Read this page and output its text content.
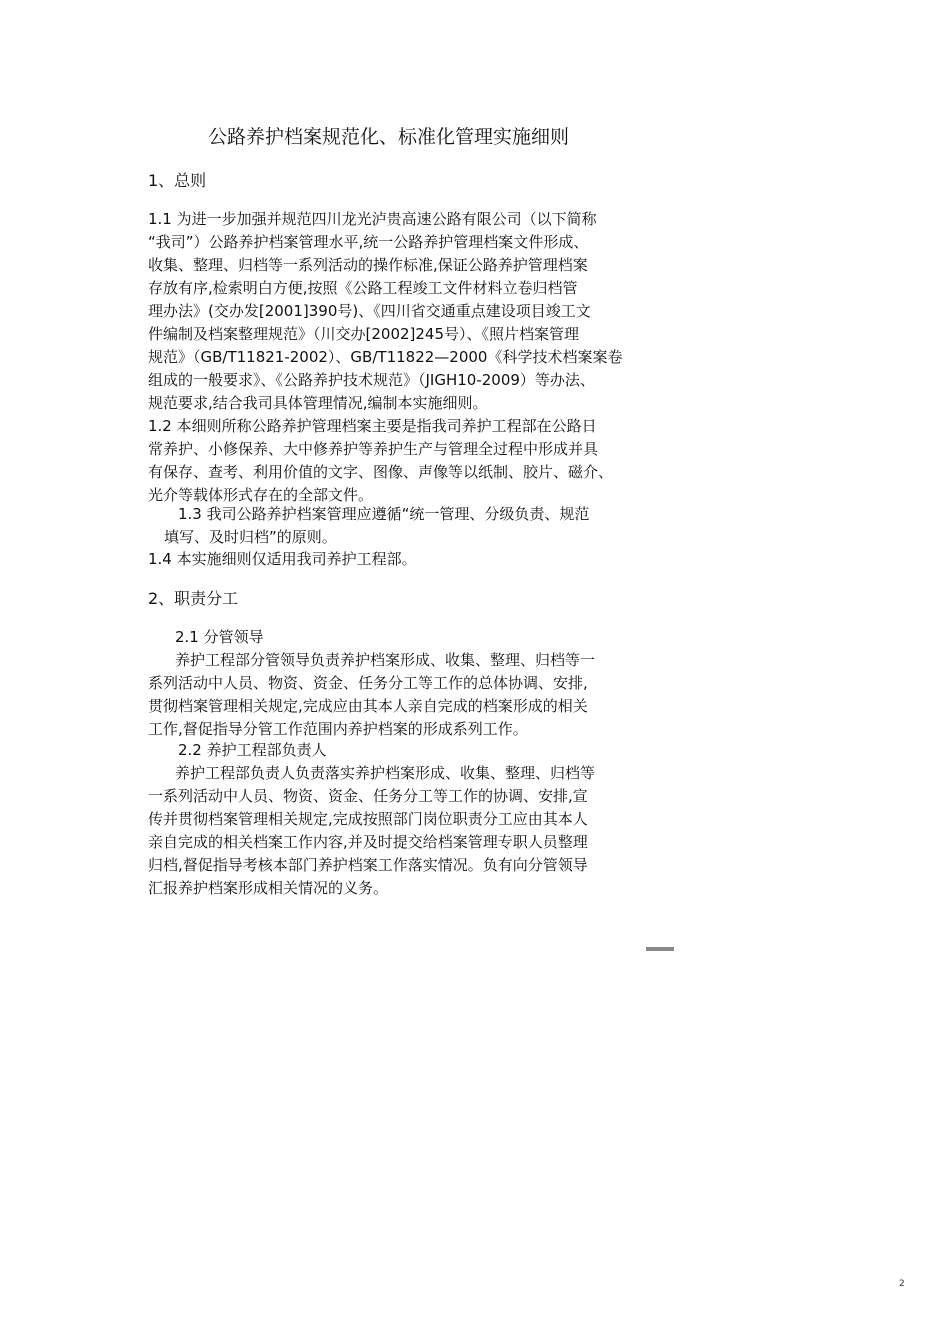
公路养护档案规范化、标准化管理实施细则
1、总则
1.1 为进一步加强并规范四川龙光泸贵高速公路有限公司（以下简称
“我司”）公路养护档案管理水平,统一公路养护管理档案文件形成、
收集、整理、归档等一系列活动的操作标准,保证公路养护管理档案
存放有序,检索明白方便,按照《公路工程竣工文件材料立卷归档管
理办法》(交办发[2001]390号)、《四川省交通重点建设项目竣工文
件编制及档案整理规范》（川交办[2002]245号）、《照片档案管理
规范》（GB/T11821-2002）、GB/T11822—2000《科学技术档案案卷
组成的一般要求》、《公路养护技术规范》（JIGH10-2009）等办法、
规范要求,结合我司具体管理情况,编制本实施细则。
1.2 本细则所称公路养护管理档案主要是指我司养护工程部在公路日
常养护、小修保养、大中修养护等养护生产与管理全过程中形成并具
有保存、查考、利用价值的文字、图像、声像等以纸制、胶片、磁介、
光介等载体形式存在的全部文件。
1.3 我司公路养护档案管理应遵循“统一管理、分级负责、规范
填写、及时归档”的原则。
1.4 本实施细则仅适用我司养护工程部。
2、职责分工
2.1 分管领导
养护工程部分管领导负责养护档案形成、收集、整理、归档等一
系列活动中人员、物资、资金、任务分工等工作的总体协调、安排,
贯彻档案管理相关规定,完成应由其本人亲自完成的档案形成的相关
工作,督促指导分管工作范围内养护档案的形成系列工作。
2.2 养护工程部负责人
养护工程部负责人负责落实养护档案形成、收集、整理、归档等
一系列活动中人员、物资、资金、任务分工等工作的协调、安排,宣
传并贯彻档案管理相关规定,完成按照部门岗位职责分工应由其本人
亲自完成的相关档案工作内容,并及时提交给档案管理专职人员整理
归档,督促指导考核本部门养护档案工作落实情况。负有向分管领导
汇报养护档案形成相关情况的义务。
2
